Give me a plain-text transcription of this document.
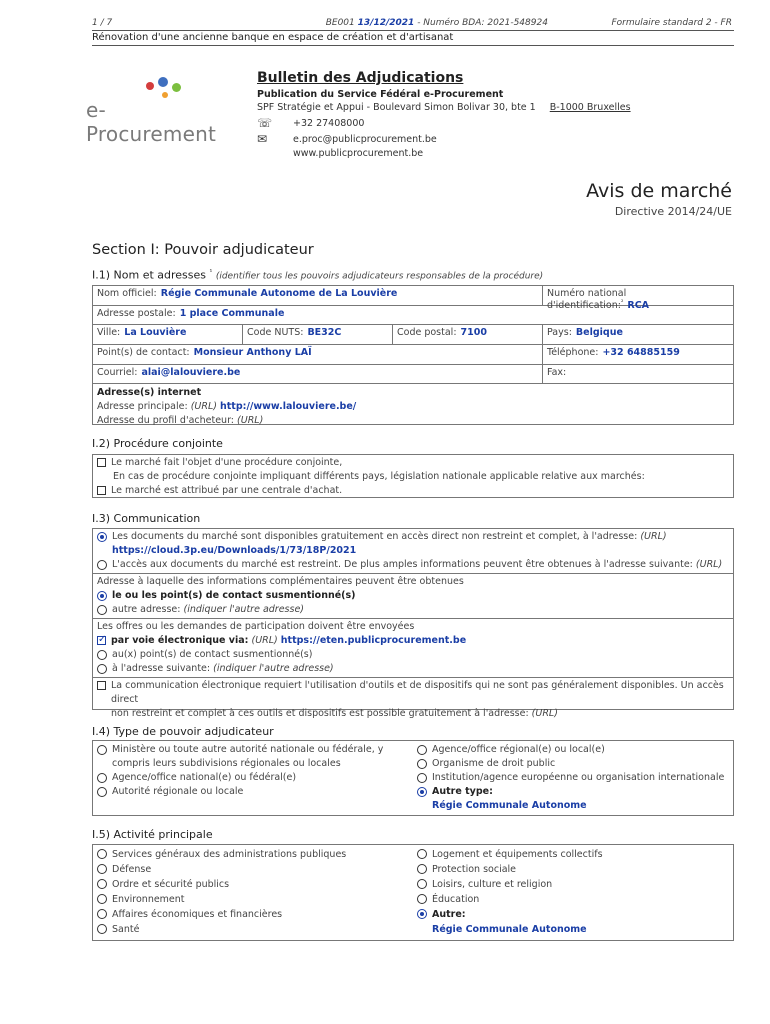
1 / 7	BE001 13/12/2021 - Numéro BDA: 2021-548924	Formulaire standard 2 - FR
Rénovation d'une ancienne banque en espace de création et d'artisanat
e-Procurement
Bulletin des Adjudications
Publication du Service Fédéral e-Procurement
SPF Stratégie et Appui - Boulevard Simon Bolivar 30, bte 1 B-1000 Bruxelles
☏	+32 27408000
✉	e.proc@publicprocurement.be
www.publicprocurement.be
Avis de marché
Directive 2014/24/UE
Section I: Pouvoir adjudicateur
I.1) Nom et adresses $^{^1}$ (identifier tous les pouvoirs adjudicateurs responsables de la procédure)
Nom officiel: Régie Communale Autonome de La Louvière	Numéro national d'identification:$^{^2}$ RCA
Adresse postale: 1 place Communale
Ville: La Louvière	Code NUTS: BE32C	Code postal: 7100	Pays: Belgique
Point(s) de contact: Monsieur Anthony LAÏ	Téléphone: +32 64885159
Courriel: alai@lalouviere.be	Fax:
Adresse(s) internet
Adresse principale: (URL) http://www.lalouviere.be/
Adresse du profil d'acheteur: (URL)
I.2) Procédure conjointe
Le marché fait l'objet d'une procédure conjointe,
En cas de procédure conjointe impliquant différents pays, législation nationale applicable relative aux marchés:
Le marché est attribué par une centrale d'achat.
I.3) Communication
Les documents du marché sont disponibles gratuitement en accès direct non restreint et complet, à l'adresse: (URL)
https://cloud.3p.eu/Downloads/1/73/18P/2021
L'accès aux documents du marché est restreint. De plus amples informations peuvent être obtenues à l'adresse suivante: (URL)
Adresse à laquelle des informations complémentaires peuvent être obtenues
le ou les point(s) de contact susmentionné(s)
autre adresse: (indiquer l'autre adresse)
Les offres ou les demandes de participation doivent être envoyées
✓
par voie électronique via: (URL) https://eten.publicprocurement.be
au(x) point(s) de contact susmentionné(s)
à l'adresse suivante: (indiquer l'autre adresse)
La communication électronique requiert l'utilisation d'outils et de dispositifs qui ne sont pas généralement disponibles. Un accès direct
non restreint et complet à ces outils et dispositifs est possible gratuitement à l'adresse: (URL)
I.4) Type de pouvoir adjudicateur
Ministère ou toute autre autorité nationale ou fédérale, y compris leurs subdivisions régionales ou locales
Agence/office national(e) ou fédéral(e)
Autorité régionale ou locale
Agence/office régional(e) ou local(e)
Organisme de droit public
Institution/agence européenne ou organisation internationale
Autre type:
Régie Communale Autonome
I.5) Activité principale
Services généraux des administrations publiques
Défense
Ordre et sécurité publics
Environnement
Affaires économiques et financières
Santé
Logement et équipements collectifs
Protection sociale
Loisirs, culture et religion
Éducation
Autre:
Régie Communale Autonome
